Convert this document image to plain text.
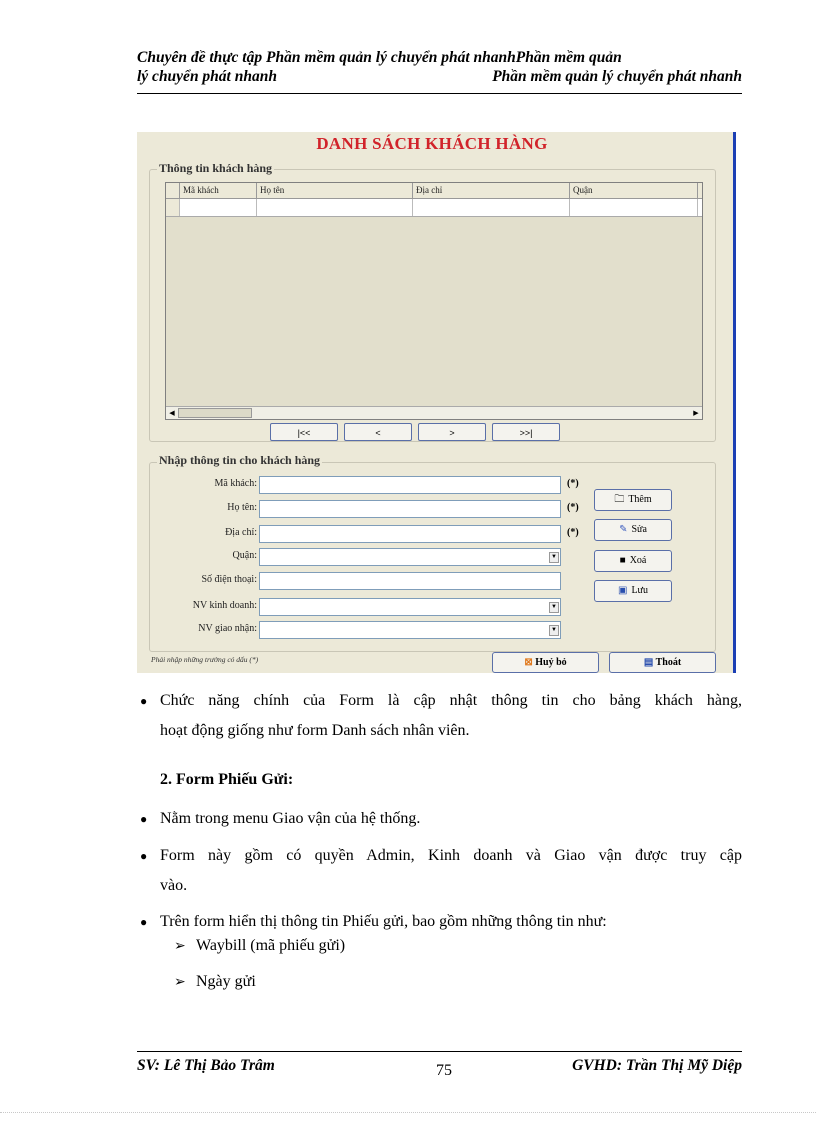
Chuyên đề thực tập Phần mềm quản lý chuyển phát nhanhPhần mềm quản
lý chuyển phát nhanh	Phần mềm quản lý chuyển phát nhanh
DANH SÁCH KHÁCH HÀNG
Thông tin khách hàng
Mã khách	Họ tên	Địa chỉ	Quận
◀	▶
|<<	<	>	>>|
Nhập thông tin cho khách hàng
Mã khách:	(*)
Họ tên:	(*)
Địa chỉ:	(*)
Quận:	▼
Số điện thoại:
NV kinh doanh:	▼
NV giao nhận:	▼
🗀 Thêm
✎ Sửa
■ Xoá
▣ Lưu
Phải nhập những trường có dấu (*)	⊠ Huỷ bỏ	▤ Thoát
● Chức năng chính của Form là cập nhật thông tin cho bảng khách hàng,
hoạt động giống như form Danh sách nhân viên.
2. Form Phiếu Gửi:
● Nằm trong menu Giao vận của hệ thống.
● Form này gồm có quyền Admin, Kinh doanh và Giao vận được truy cập
vào.
● Trên form hiển thị thông tin Phiếu gửi, bao gồm những thông tin như:
➢ Waybill (mã phiếu gửi)
➢ Ngày gửi
SV: Lê Thị Bảo Trâm	75	GVHD: Trần Thị Mỹ Diệp
